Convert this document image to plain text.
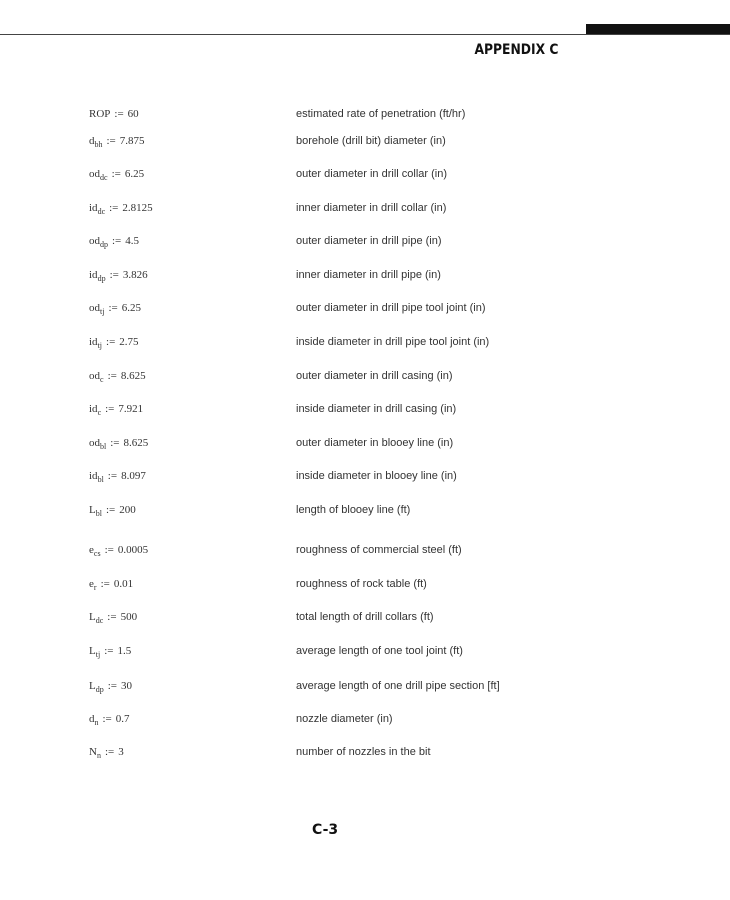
APPENDIX C
ROP := 60	estimated rate of penetration (ft/hr)
$d_{bh}$ := 7.875	borehole (drill bit) diameter (in)
$od_{dc}$ := 6.25	outer diameter in drill collar (in)
$id_{dc}$ := 2.8125	inner diameter in drill collar (in)
$od_{dp}$ := 4.5	outer diameter in drill pipe (in)
$id_{dp}$ := 3.826	inner diameter in drill pipe (in)
$od_{tj}$ := 6.25	outer diameter in drill pipe tool joint (in)
$id_{tj}$ := 2.75	inside diameter in drill pipe tool joint (in)
$od_c$ := 8.625	outer diameter in drill casing (in)
$id_c$ := 7.921	inside diameter in drill casing (in)
$od_{bl}$ := 8.625	outer diameter in blooey line (in)
$id_{bl}$ := 8.097	inside diameter in blooey line (in)
$L_{bl}$ := 200	length of blooey line (ft)
$e_{cs}$ := 0.0005	roughness of commercial steel (ft)
$e_r$ := 0.01	roughness of rock table (ft)
$L_{dc}$ := 500	total length of drill collars (ft)
$L_{tj}$ := 1.5	average length of one tool joint (ft)
$L_{dp}$ := 30	average length of one drill pipe section [ft]
$d_n$ := 0.7	nozzle diameter (in)
$N_n$ := 3	number of nozzles in the bit
C-3
